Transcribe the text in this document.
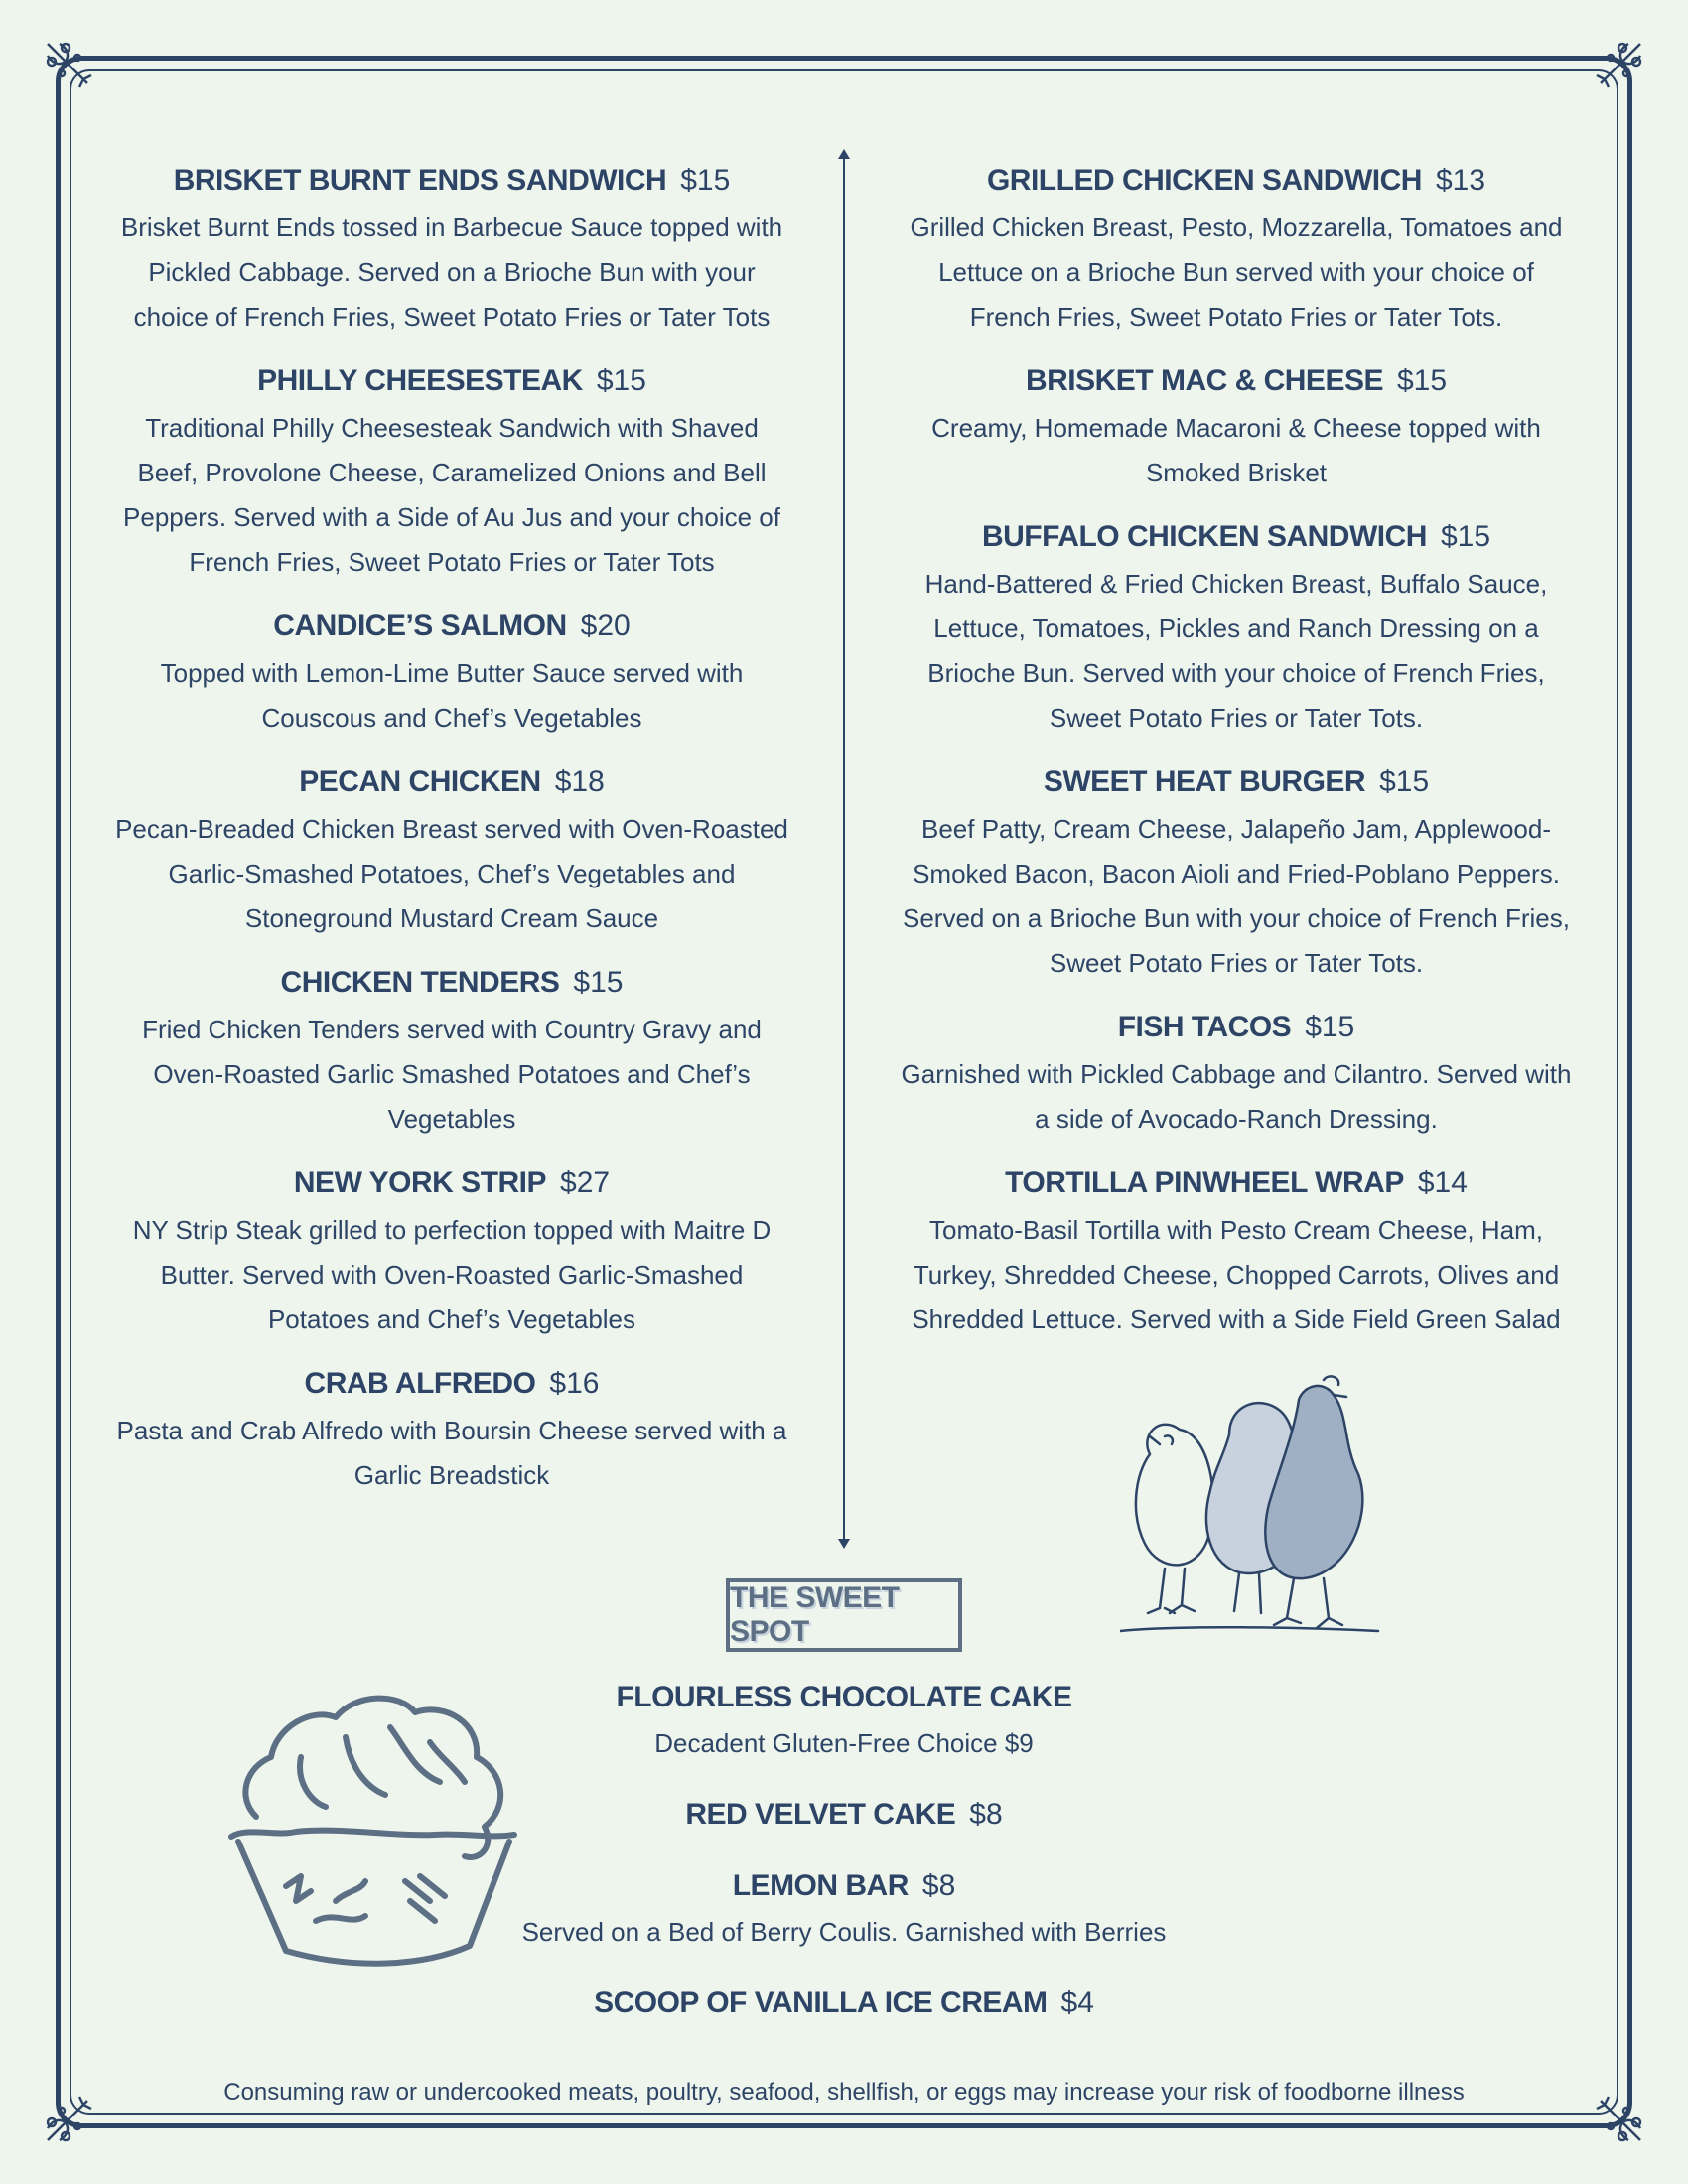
BRISKET BURNT ENDS SANDWICH $15
Brisket Burnt Ends tossed in Barbecue Sauce topped with Pickled Cabbage. Served on a Brioche Bun with your choice of French Fries, Sweet Potato Fries or Tater Tots
PHILLY CHEESESTEAK $15
Traditional Philly Cheesesteak Sandwich with Shaved Beef, Provolone Cheese, Caramelized Onions and Bell Peppers. Served with a Side of Au Jus and your choice of French Fries, Sweet Potato Fries or Tater Tots
CANDICE’S SALMON $20
Topped with Lemon-Lime Butter Sauce served with Couscous and Chef’s Vegetables
PECAN CHICKEN $18
Pecan-Breaded Chicken Breast served with Oven-Roasted Garlic-Smashed Potatoes, Chef’s Vegetables and Stoneground Mustard Cream Sauce
CHICKEN TENDERS $15
Fried Chicken Tenders served with Country Gravy and Oven-Roasted Garlic Smashed Potatoes and Chef’s Vegetables
NEW YORK STRIP $27
NY Strip Steak grilled to perfection topped with Maitre D Butter. Served with Oven-Roasted Garlic-Smashed Potatoes and Chef’s Vegetables
CRAB ALFREDO $16
Pasta and Crab Alfredo with Boursin Cheese served with a Garlic Breadstick
GRILLED CHICKEN SANDWICH $13
Grilled Chicken Breast, Pesto, Mozzarella, Tomatoes and Lettuce on a Brioche Bun served with your choice of French Fries, Sweet Potato Fries or Tater Tots.
BRISKET MAC & CHEESE $15
Creamy, Homemade Macaroni & Cheese topped with Smoked Brisket
BUFFALO CHICKEN SANDWICH $15
Hand-Battered & Fried Chicken Breast, Buffalo Sauce, Lettuce, Tomatoes, Pickles and Ranch Dressing on a Brioche Bun. Served with your choice of French Fries, Sweet Potato Fries or Tater Tots.
SWEET HEAT BURGER $15
Beef Patty, Cream Cheese, Jalapeño Jam, Applewood-Smoked Bacon, Bacon Aioli and Fried-Poblano Peppers. Served on a Brioche Bun with your choice of French Fries, Sweet Potato Fries or Tater Tots.
FISH TACOS $15
Garnished with Pickled Cabbage and Cilantro. Served with a side of Avocado-Ranch Dressing.
TORTILLA PINWHEEL WRAP $14
Tomato-Basil Tortilla with Pesto Cream Cheese, Ham, Turkey, Shredded Cheese, Chopped Carrots, Olives and Shredded Lettuce. Served with a Side Field Green Salad
THE SWEET SPOT
FLOURLESS CHOCOLATE CAKE
Decadent Gluten-Free Choice $9
RED VELVET CAKE $8
LEMON BAR $8
Served on a Bed of Berry Coulis. Garnished with Berries
SCOOP OF VANILLA ICE CREAM $4
Consuming raw or undercooked meats, poultry, seafood, shellfish, or eggs may increase your risk of foodborne illness
